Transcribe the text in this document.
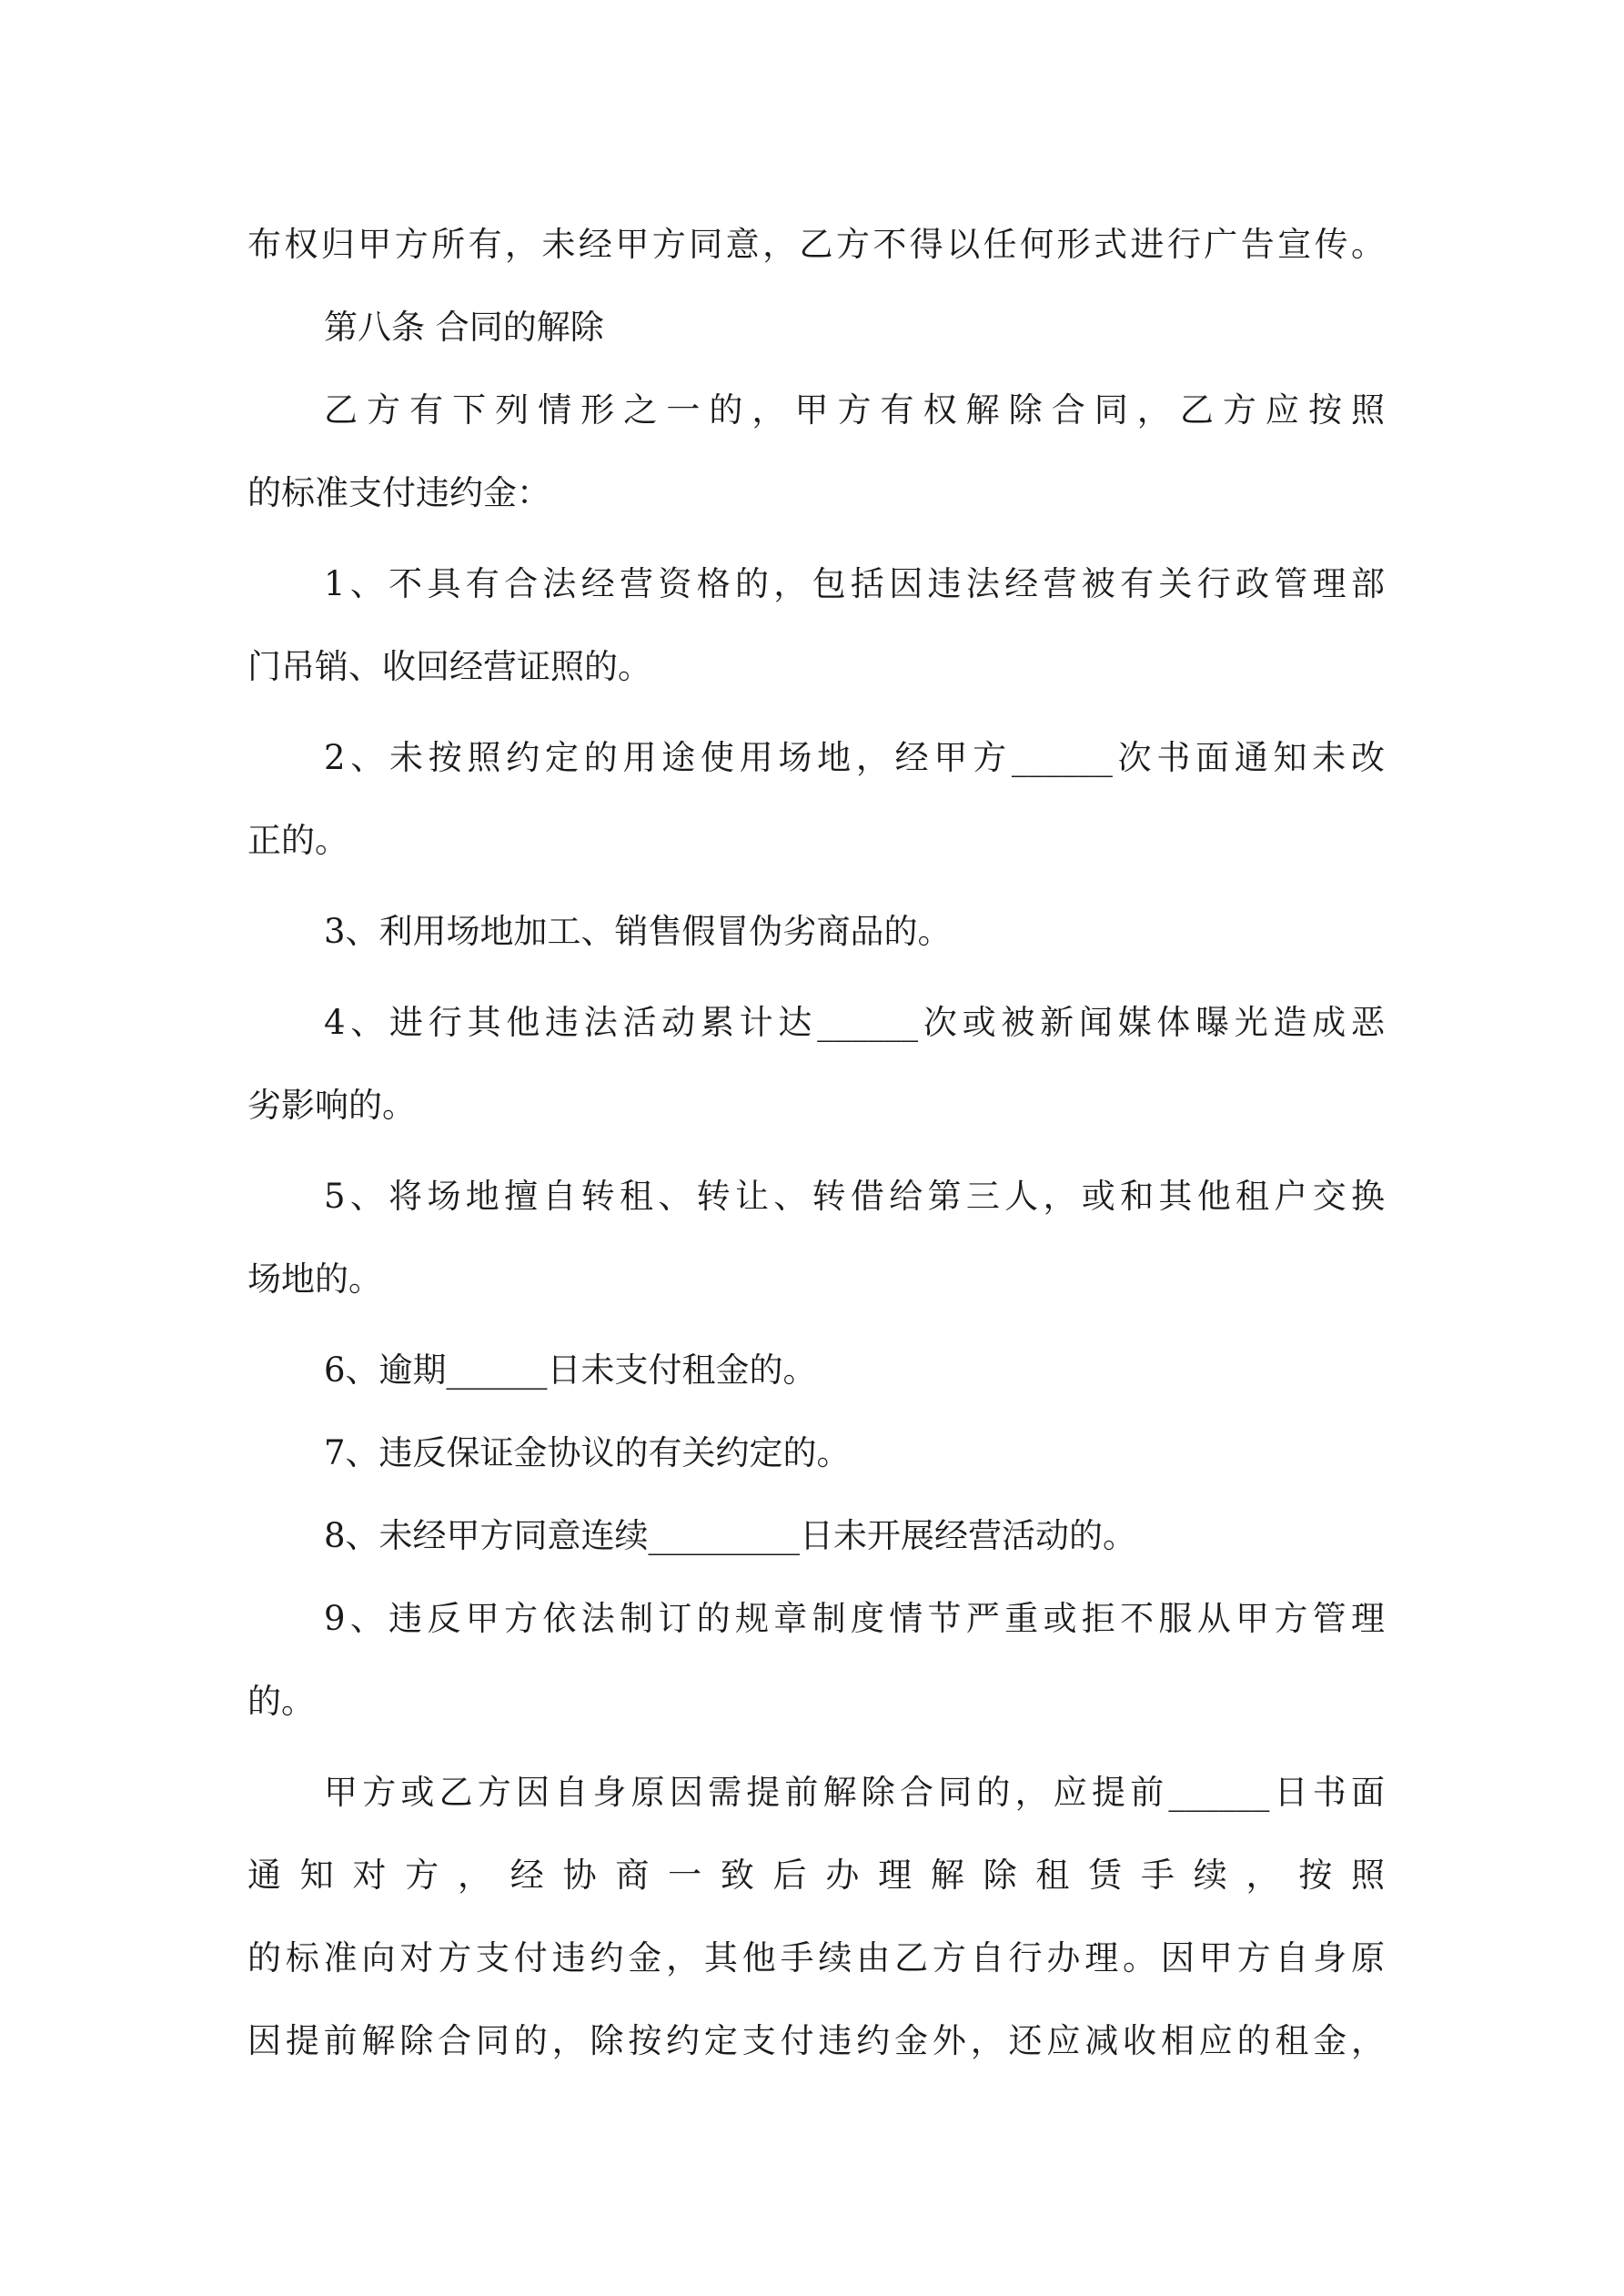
布权归甲方所有，未经甲方同意，乙方不得以任何形式进行广告宣传。
第八条 合同的解除
乙方有下列情形之一的，甲方有权解除合同，乙方应按照
的标准支付违约金：
1、不具有合法经营资格的，包括因违法经营被有关行政管理部
门吊销、收回经营证照的。
2、未按照约定的用途使用场地，经甲方______次书面通知未改
正的。
3、利用场地加工、销售假冒伪劣商品的。
4、进行其他违法活动累计达______次或被新闻媒体曝光造成恶
劣影响的。
5、将场地擅自转租、转让、转借给第三人，或和其他租户交换
场地的。
6、逾期______日未支付租金的。
7、违反保证金协议的有关约定的。
8、未经甲方同意连续_________日未开展经营活动的。
9、违反甲方依法制订的规章制度情节严重或拒不服从甲方管理
的。
甲方或乙方因自身原因需提前解除合同的，应提前______日书面
通知对方，经协商一致后办理解除租赁手续，按照
的标准向对方支付违约金，其他手续由乙方自行办理。因甲方自身原
因提前解除合同的，除按约定支付违约金外，还应减收相应的租金，
